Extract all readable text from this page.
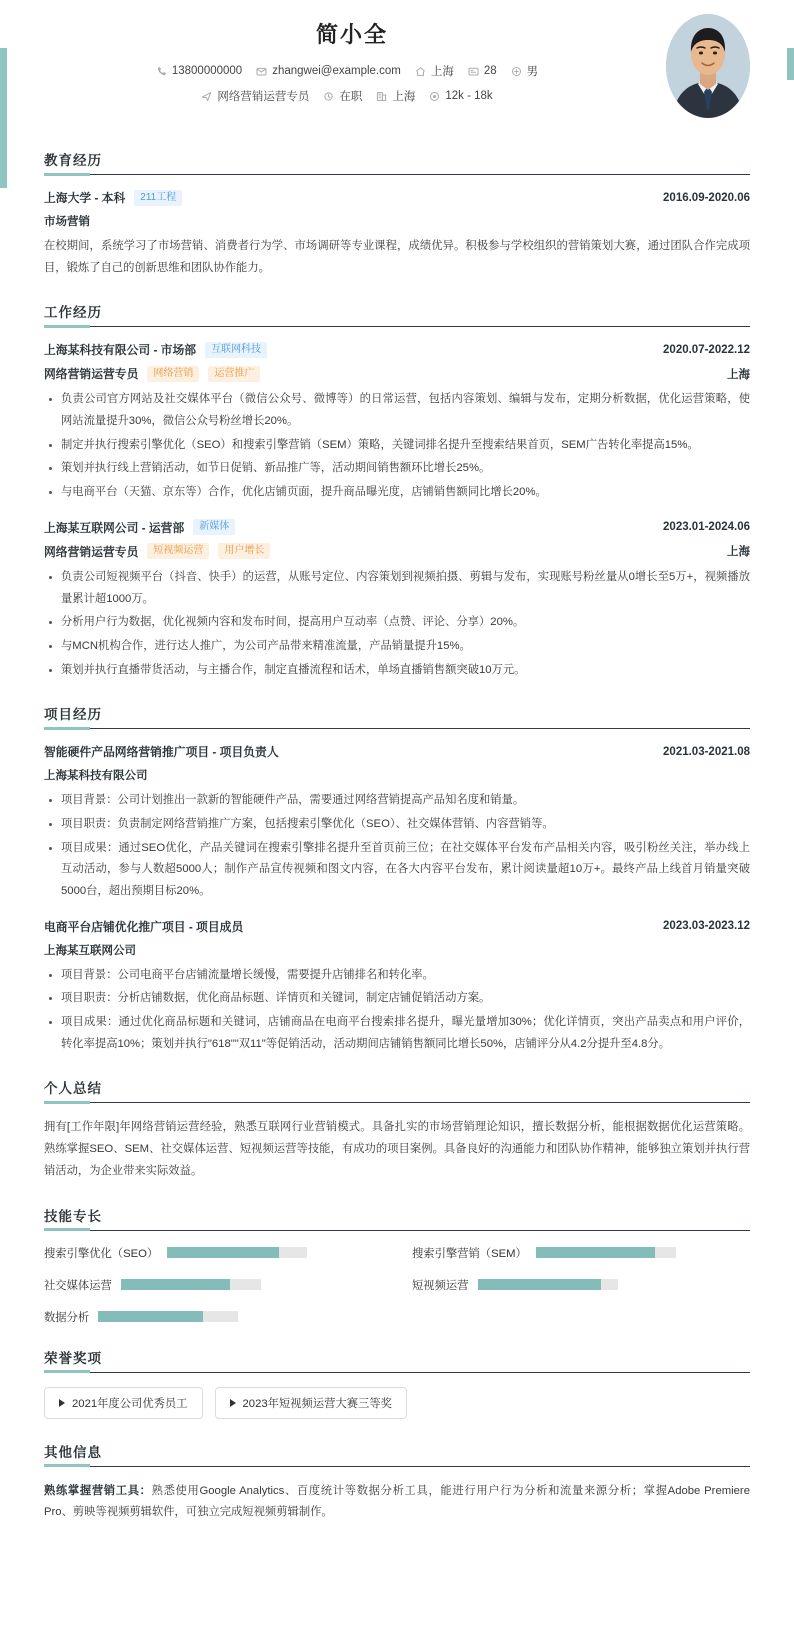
简小全
13800000000	zhangwei@example.com	上海	28	男
网络营销运营专员	在职	上海	12k - 18k
教育经历
上海大学 - 本科	211工程	2016.09-2020.06
市场营销
在校期间，系统学习了市场营销、消费者行为学、市场调研等专业课程，成绩优异。积极参与学校组织的营销策划大赛，通过团队合作完成项目，锻炼了自己的创新思维和团队协作能力。
工作经历
上海某科技有限公司 - 市场部	互联网科技	2020.07-2022.12
网络营销运营专员	网络营销	运营推广	上海
负责公司官方网站及社交媒体平台（微信公众号、微博等）的日常运营，包括内容策划、编辑与发布，定期分析数据，优化运营策略，使网站流量提升30%，微信公众号粉丝增长20%。
制定并执行搜索引擎优化（SEO）和搜索引擎营销（SEM）策略，关键词排名提升至搜索结果首页，SEM广告转化率提高15%。
策划并执行线上营销活动，如节日促销、新品推广等，活动期间销售额环比增长25%。
与电商平台（天猫、京东等）合作，优化店铺页面，提升商品曝光度，店铺销售额同比增长20%。
上海某互联网公司 - 运营部	新媒体	2023.01-2024.06
网络营销运营专员	短视频运营	用户增长	上海
负责公司短视频平台（抖音、快手）的运营，从账号定位、内容策划到视频拍摄、剪辑与发布，实现账号粉丝量从0增长至5万+，视频播放量累计超1000万。
分析用户行为数据，优化视频内容和发布时间，提高用户互动率（点赞、评论、分享）20%。
与MCN机构合作，进行达人推广，为公司产品带来精准流量，产品销量提升15%。
策划并执行直播带货活动，与主播合作，制定直播流程和话术，单场直播销售额突破10万元。
项目经历
智能硬件产品网络营销推广项目 - 项目负责人	2021.03-2021.08
上海某科技有限公司
项目背景：公司计划推出一款新的智能硬件产品，需要通过网络营销提高产品知名度和销量。
项目职责：负责制定网络营销推广方案，包括搜索引擎优化（SEO）、社交媒体营销、内容营销等。
项目成果：通过SEO优化，产品关键词在搜索引擎排名提升至首页前三位；在社交媒体平台发布产品相关内容，吸引粉丝关注，举办线上互动活动，参与人数超5000人；制作产品宣传视频和图文内容，在各大内容平台发布，累计阅读量超10万+。最终产品上线首月销量突破5000台，超出预期目标20%。
电商平台店铺优化推广项目 - 项目成员	2023.03-2023.12
上海某互联网公司
项目背景：公司电商平台店铺流量增长缓慢，需要提升店铺排名和转化率。
项目职责：分析店铺数据，优化商品标题、详情页和关键词，制定店铺促销活动方案。
项目成果：通过优化商品标题和关键词，店铺商品在电商平台搜索排名提升，曝光量增加30%；优化详情页，突出产品卖点和用户评价，转化率提高10%；策划并执行"618""双11"等促销活动，活动期间店铺销售额同比增长50%，店铺评分从4.2分提升至4.8分。
个人总结
拥有[工作年限]年网络营销运营经验，熟悉互联网行业营销模式。具备扎实的市场营销理论知识，擅长数据分析，能根据数据优化运营策略。熟练掌握SEO、SEM、社交媒体运营、短视频运营等技能，有成功的项目案例。具备良好的沟通能力和团队协作精神，能够独立策划并执行营销活动，为企业带来实际效益。
技能专长
搜索引擎优化（SEO）	搜索引擎营销（SEM）
社交媒体运营	短视频运营
数据分析
荣誉奖项
2021年度公司优秀员工	2023年短视频运营大赛三等奖
其他信息
熟练掌握营销工具：熟悉使用Google Analytics、百度统计等数据分析工具，能进行用户行为分析和流量来源分析；掌握Adobe Premiere Pro、剪映等视频剪辑软件，可独立完成短视频剪辑制作。
